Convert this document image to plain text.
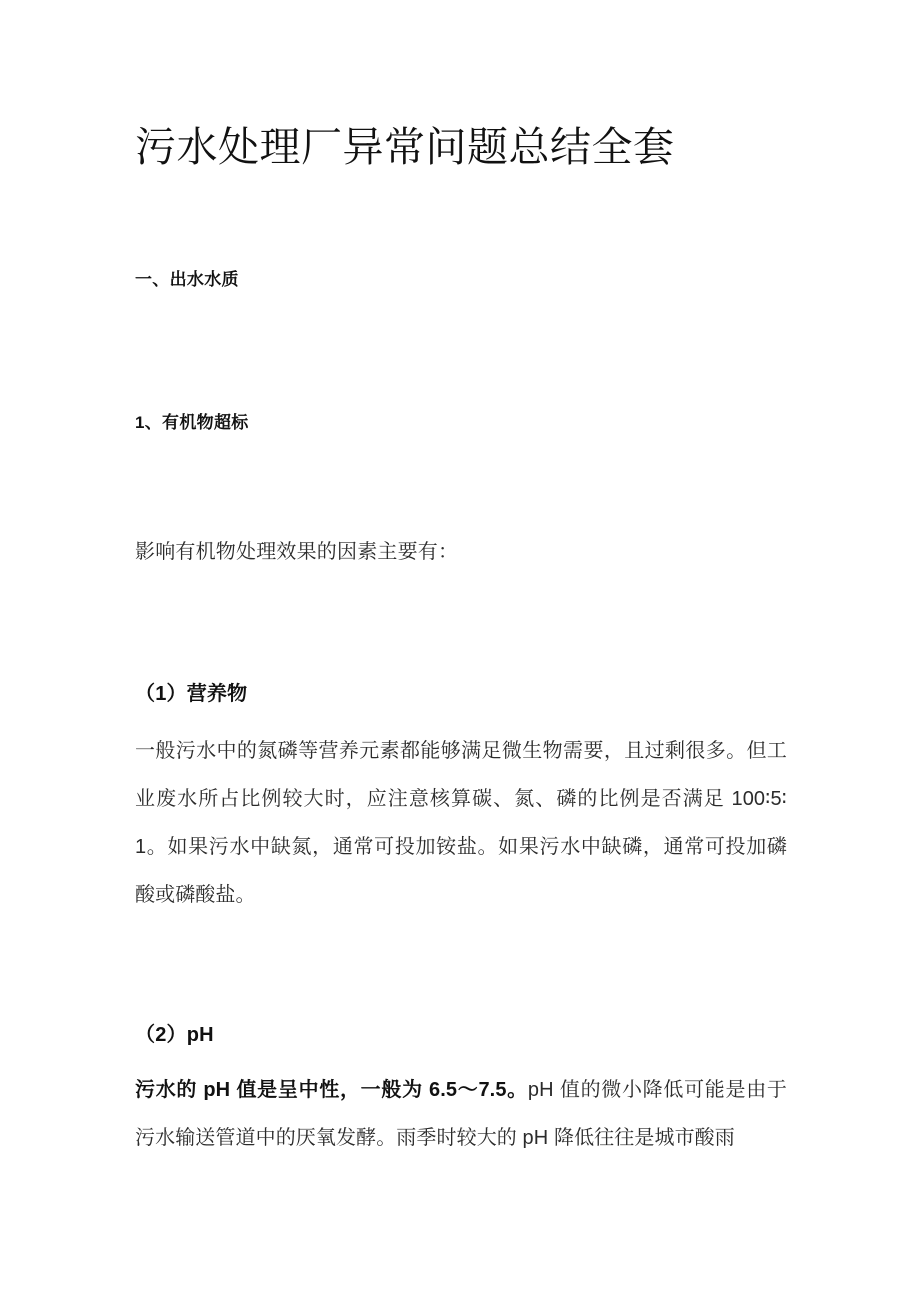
污水处理厂异常问题总结全套
一、出水水质
1、有机物超标

影响有机物处理效果的因素主要有：

（1）营养物

一般污水中的氮磷等营养元素都能够满足微生物需要，且过剩很多。但工业废水所占比例较大时，应注意核算碳、氮、磷的比例是否满足 100∶5∶1。如果污水中缺氮，通常可投加铵盐。如果污水中缺磷，通常可投加磷酸或磷酸盐。

（2）pH

污水的 pH 值是呈中性，一般为 6.5～7.5。pH 值的微小降低可能是由于污水输送管道中的厌氧发酵。雨季时较大的 pH 降低往往是城市酸雨
